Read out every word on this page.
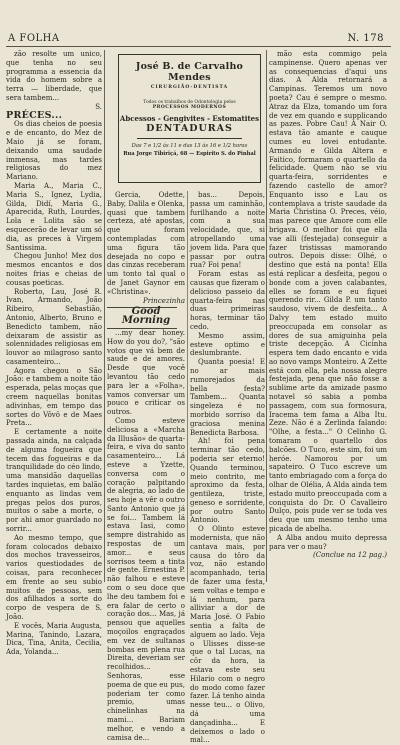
A FOLHA	N. 178

zão resolte um unico, que tenha no seu programma a essencia da vida do homem sobre a terra — liberdade, que sera tambem...

S.

PRÉCES...

Os dias cheios de poesia e de encanto, do Mez de Maio já se foram, deixando uma saudade immensa, mas tardes religiosas do mez Mariano.

Maria A., Maria C., Maria S., Ignez, Lydia, Gilda, Didí, Maria G., Aparecida, Ruth, Lourdes, Lola e Lolita são se esquecerão de levar um só dia, as preces à Virgem Santissima.

Chegou Junho! Mez dos mesmos encantos e dos noites frias e cheias de cousas poeticas.

Roberto, Lau, José R. Ivan, Armando, João Ribeiro, Sebastião, Antonio, Alberto, Bruno e Benedicto tambem, não deixaram de assistir as solennidades religiosas em louvor ao milagroso santo casamenteiro...

Agora chegou o São João: e tambem a noite tão esperada, pelas moças que creem naquellas bonitas adivinhas, em tempo das sortes do Vôvô e de Maes Preta...

E certamente a noite passada ainda, na calçada de alguma fogueira que tecem das fogueiras e da tranquilidade do céo lindo, uma mansidão daquellas tardes inquietas, em balão enquanto as lindas vem pregas pelos dos puros, muitos o sabe a morte, o por ahi amor guardado no sorrir...

Ao mesmo tempo, que foram colocados debaixo dos mochos travesseiros, varios questiodades de coisas, para reconhecer em frente ao seu subio muitos de pessoas, sem dos afilhados a sorte do corpo de vespera de S. João.

E vocês, Maria Augusta, Marina, Tanindo, Lazara, Dica, Tina, Anita, Cecilia, Ada, Yolanda...

José B. de Carvalho Mendes
CIRURGIÃO-DENTISTA
Todos os trabalhos de Odontologia pelos
PROCESSOS MODERNOS
Abcessos - Gengivites - Estomatites
DENTADURAS
Das 7 e 1/2 ás 11 e das 13 ás 16 e 1/2 horas
Rua Jorge Tibiriçá, 68 — Espirito S. do Pinhal

Gercia, Odette, Baby, Dalila e Olenka, quasi que tambem certeza, até apostas, que foram contempladas com uma figura tão desejada no copo e das cinzas receberam um tonto tal qual o de Janet Gaynor em «Christina».

Princezinha

Good Morning

...my dear honey. How do you do?, "são votos que vá bem de saude e de amores. Desde que você levantou tão cedo para ler a «Folha», vamos conversar um pouco e criticar os outros.

Como esteve deliciosa a «Marcha da Illusão» de quarta-feira, e viva do santo casamenteiro... Lá esteve a Yzette, conversa com o coração palpitando de alegria, ao lado de seu hoje a vêr o outro Santo Antonio que já se foi... Tambem lá estava Iasi, como sempre distrahido as respostas de um amor... e seus sorrisos teem a tinta de gente. Ernestina P. não falhou e esteve com o seu doce que lhe deu tambem foi e era falar de certo o coração dos... Mas, já pensou que aquelles moçoilos engraçados em vez de sultanas bombas em plena rua Direita, deveriam ser recolhidos... Senhoras, esse poema de que eu pus, poderiam ter como premio, umas chinelinhas na mami... Bariam melhor, e vendo a camisa de...

bas... Depois, passa um caminhão, furilhando a noite com a sua velocidade, que, si atropellando uma jovem lida. Para que passar por outra rua? Foi pena!

Foram estas as causas que fizeram o delicioso passeio da quarta-feira nas duas primeiras horas, terminar tão cedo.

Mesmo assim, esteve optimo e deslumbrante.

Quanta poesia! E no ar mais rumorejados da bella festa? Tambem... Quanta singeleza é no morbido sorriso da graciosa menina Benedicta Barbosa.

Ah! foi pena terminar tão cedo, poderia ser eterno! Quando terminou, meio contrito, me aproximo da festa, gentileza, triste, geneso e sorridente, por outro Santo Antonio.

O Olinto esteve modernista, que não cantava mais, por causa do tôro da voz, não estando acompanhado, teria de fazer uma festa, sem voltas e tempo e lá nenhum, para alliviar a dor de Maria José. O Fabio sentia a falta de alguem ao lado. Veja o Ulisses disse-se que o tal Lucas, na côr da hora, ia estava este seu Hilario com o negro do modo como fazer fazer. Lá tenho ainda nesse teu... o Olivo, dá uma dançadinha... E deixemos o lado o mal...

mão esta commigo pela campinense. Quero apenas ver as consequencias d'aqui uns dias. A Alda retornará a Campinas. Teremos um novo poeta? Cau é sempre o mesmo. Atraz da Elza, tomando um fora de vez em quando e supplicando as pazes. Pobre Cau! A Nair O. estava tão amante e cauque cumes eu lovei entudante. Armando e Gilda Altera e Faitico, formaram o quartello da felicidade. Quem não se viu quarta-feira, sorridentes e fazendo castello de amor? Enquanto isso e Lau os contemplava a triste saudade da Maria Christina O. Preces, véio, mas parece que Amore com elle brigava. O melhor foi que ella vae alli (festejada) conseguir a fazer tristissas mamorando outros. Depois disse: Olhé, o destino que está na ponta! Ella está replicar a desfeita, pegou o bonde com a joven calabantes, elles se foram e eu fiquei querendo rir... Gilda P. um tanto saudoso, vivem de desfeita... A Dalvy tem estado muito preoccupada em consolar as dores de sua amiguinha pela triste decepção. A Cicinha espera tem dado encanto e vida ao novo vamps Monteiro. A Zette está com ella, pela nossa alegre festejada, pena que não fosse a sublime arte da amizade pasmo notavel só sabia a pomba passagem, com sua formosura, Iracema tem fama a Alba Itu. Zeze. Não é a Zerlinda falando: "Olhe, a festa..." O Celinho G. tomaram o quartello dos balcões. O Tuco, este sim, foi um heróe. Namorou por um sapateiro. O Tuco escreve um tanto embriagado com a força do olhar de Olélia, A Alda ainda tem estado muito preoccupada com a conquista do Dr. O Cavalleiro Dulço, pois pude ver se toda ves deu que um mesmo tenho uma picada de abelha.

A Alba andou muito depressa para ver o mau?

(Conclue na 12 pag.)
